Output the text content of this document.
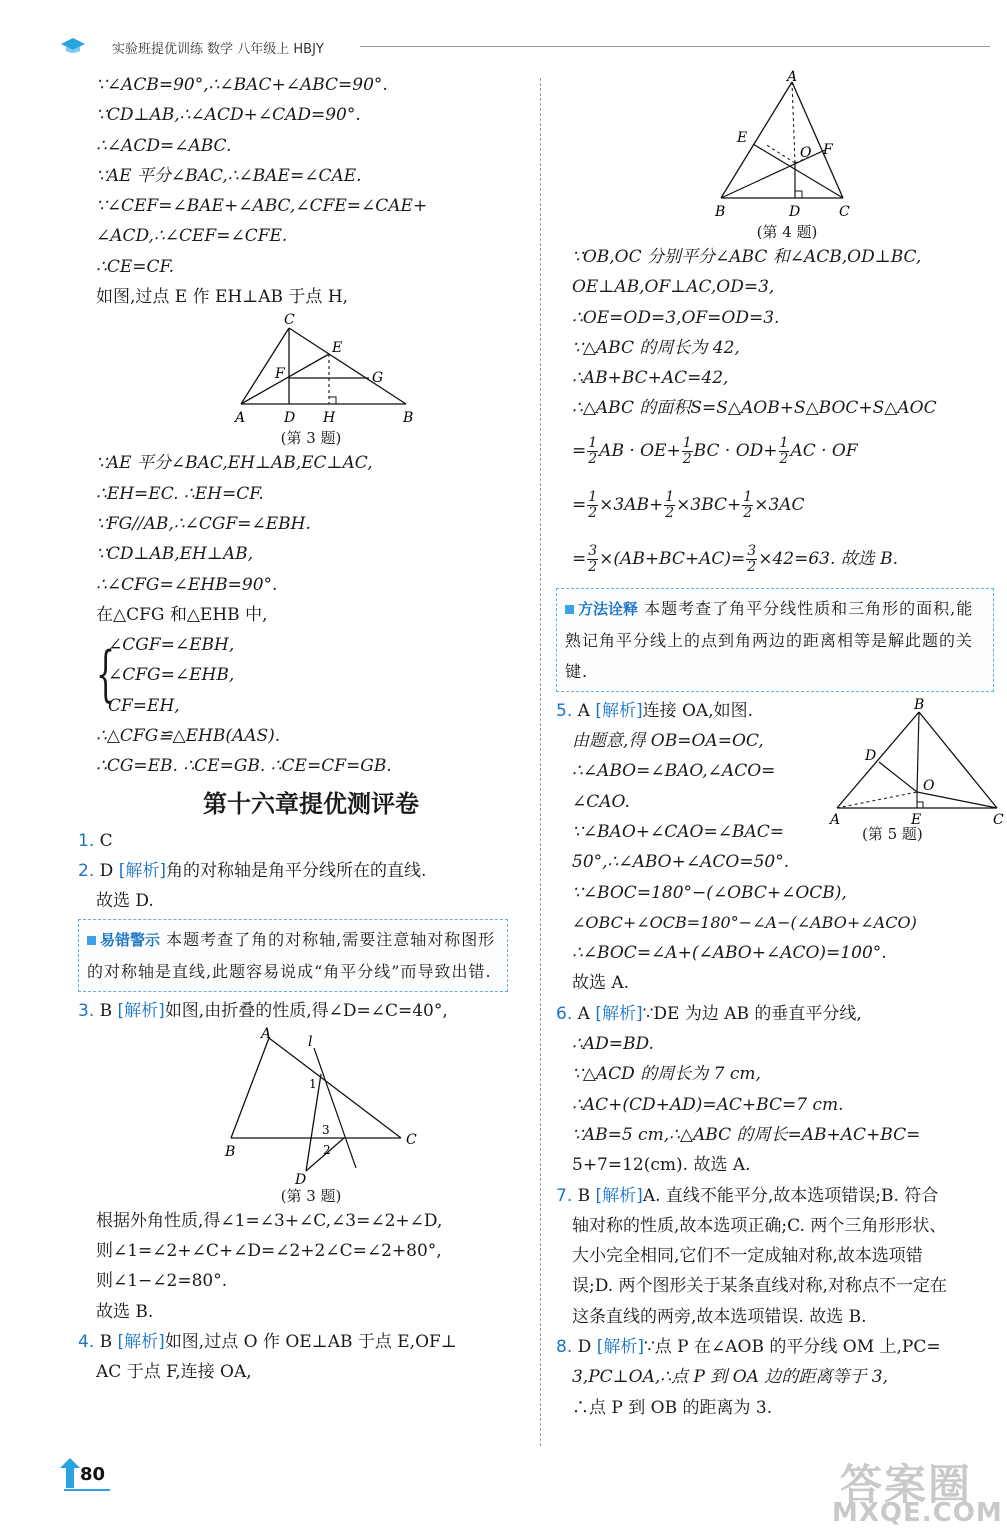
实验班提优训练 数学 八年级上 HBJY
∵∠ACB=90°,∴∠BAC+∠ABC=90°.
∵CD⊥AB,∴∠ACD+∠CAD=90°.
∴∠ACD=∠ABC.
∵AE 平分∠BAC,∴∠BAE=∠CAE.
∵∠CEF=∠BAE+∠ABC,∠CFE=∠CAE+
∠ACD,∴∠CEF=∠CFE.
∴CE=CF.
如图,过点 E 作 EH⊥AB 于点 H,
C
E
F	G
A	D H	B
(第 3 题)
∵AE 平分∠BAC,EH⊥AB,EC⊥AC,
∴EH=EC. ∴EH=CF.
∵FG//AB,∴∠CGF=∠EBH.
∵CD⊥AB,EH⊥AB,
∴∠CFG=∠EHB=90°.
在△CFG 和△EHB 中,
{
∠CGF=∠EBH,
∠CFG=∠EHB,
CF=EH,
∴△CFG≌△EHB(AAS).
∴CG=EB. ∴CE=GB. ∴CE=CF=GB.
第十六章提优测评卷
1. C
2. D [解析]角的对称轴是角平分线所在的直线.
故选 D.
易错警示 本题考查了角的对称轴,需要注意轴对称图形的对称轴是直线,此题容易说成“角平分线”而导致出错.
3. B [解析]如图,由折叠的性质,得∠D=∠C=40°,
A	l
1
3
2
B
C
D
(第 3 题)
根据外角性质,得∠1=∠3+∠C,∠3=∠2+∠D,
则∠1=∠2+∠C+∠D=∠2+2∠C=∠2+80°,
则∠1−∠2=80°.
故选 B.
4. B [解析]如图,过点 O 作 OE⊥AB 于点 E,OF⊥
AC 于点 F,连接 OA,
A
E
O F
B	D	C
(第 4 题)
∵OB,OC 分别平分∠ABC 和∠ACB,OD⊥BC,
OE⊥AB,OF⊥AC,OD=3,
∴OE=OD=3,OF=OD=3.
∵△ABC 的周长为 42,
∴AB+BC+AC=42,
∴△ABC 的面积S=S△AOB+S△BOC+S△AOC
= $\frac{1}{2}$ AB · $OE+ \frac{1}{2}$ BC · $OD+ \frac{1}{2}$ AC · OF
= $\frac{1}{2} \times 3AB+ \frac{1}{2} \times 3BC+ \frac{1}{2} \times 3AC$
= $\frac{3}{2} \times(AB+BC+AC)= \frac{3}{2} \times 42=63$. 故选 B.
方法诠释 本题考查了角平分线性质和三角形的面积,能熟记角平分线上的点到角两边的距离相等是解此题的关键.
B
D
O
A	E	C
(第 5 题)
5. A [解析]连接 OA,如图.
由题意,得 OB=OA=OC,
∴∠ABO=∠BAO,∠ACO=
∠CAO.
∵∠BAO+∠CAO=∠BAC=
50°,∴∠ABO+∠ACO=50°.
∵∠BOC=180°−(∠OBC+∠OCB),
∠OBC+∠OCB=180°−∠A−(∠ABO+∠ACO)
∴∠BOC=∠A+(∠ABO+∠ACO)=100°.
故选 A.
6. A [解析]∵DE 为边 AB 的垂直平分线,
∴AD=BD.
∵△ACD 的周长为 7 cm,
∴AC+(CD+AD)=AC+BC=7 cm.
∵AB=5 cm,∴△ABC 的周长=AB+AC+BC=
5+7=12(cm). 故选 A.
7. B [解析]A. 直线不能平分,故本选项错误;B. 符合
轴对称的性质,故本选项正确;C. 两个三角形形状、
大小完全相同,它们不一定成轴对称,故本选项错
误;D. 两个图形关于某条直线对称,对称点不一定在
这条直线的两旁,故本选项错误. 故选 B.
8. D [解析]∵点 P 在∠AOB 的平分线 OM 上,PC=
3,PC⊥OA,∴点 P 到 OA 边的距离等于 3,
∴点 P 到 OB 的距离为 3.
80	答案圈
MXQE.COM
